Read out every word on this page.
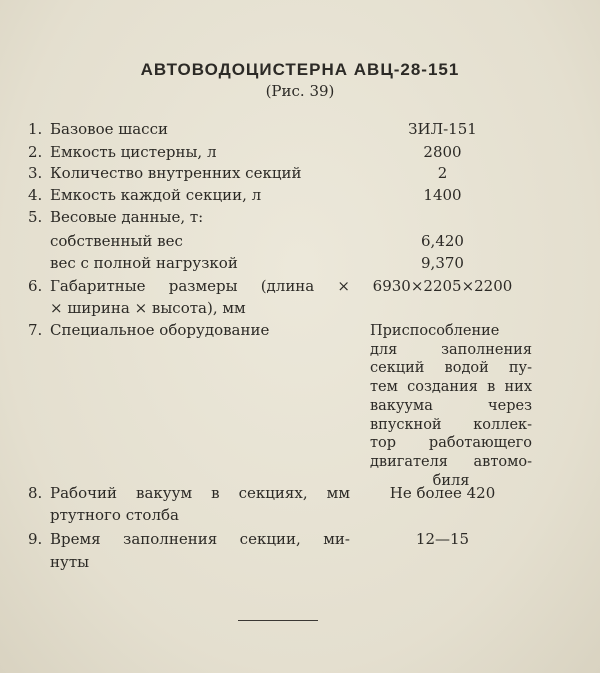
АВТОВОДОЦИСТЕРНА АВЦ-28-151
(Рис. 39)
1. Базовое шасси	ЗИЛ-151
2. Емкость цистерны, л	2800
3. Количество внутренних секций	2
4. Емкость каждой секции, л	1400
5. Весовые данные, т:
собственный вес	6,420
вес с полной нагрузкой	9,370
6. Габаритные размеры (длина ×	6930×2205×2200
× ширина × высота), мм
7. Специальное оборудование	Приспособление
для заполнения
секций водой пу-
тем создания в них
вакуума через
впускной коллек-
тор работающего
двигателя автомо-
биля
8. Рабочий вакуум в секциях, мм	Не более 420
ртутного столба
9. Время заполнения секции, ми-	12—15
нуты
